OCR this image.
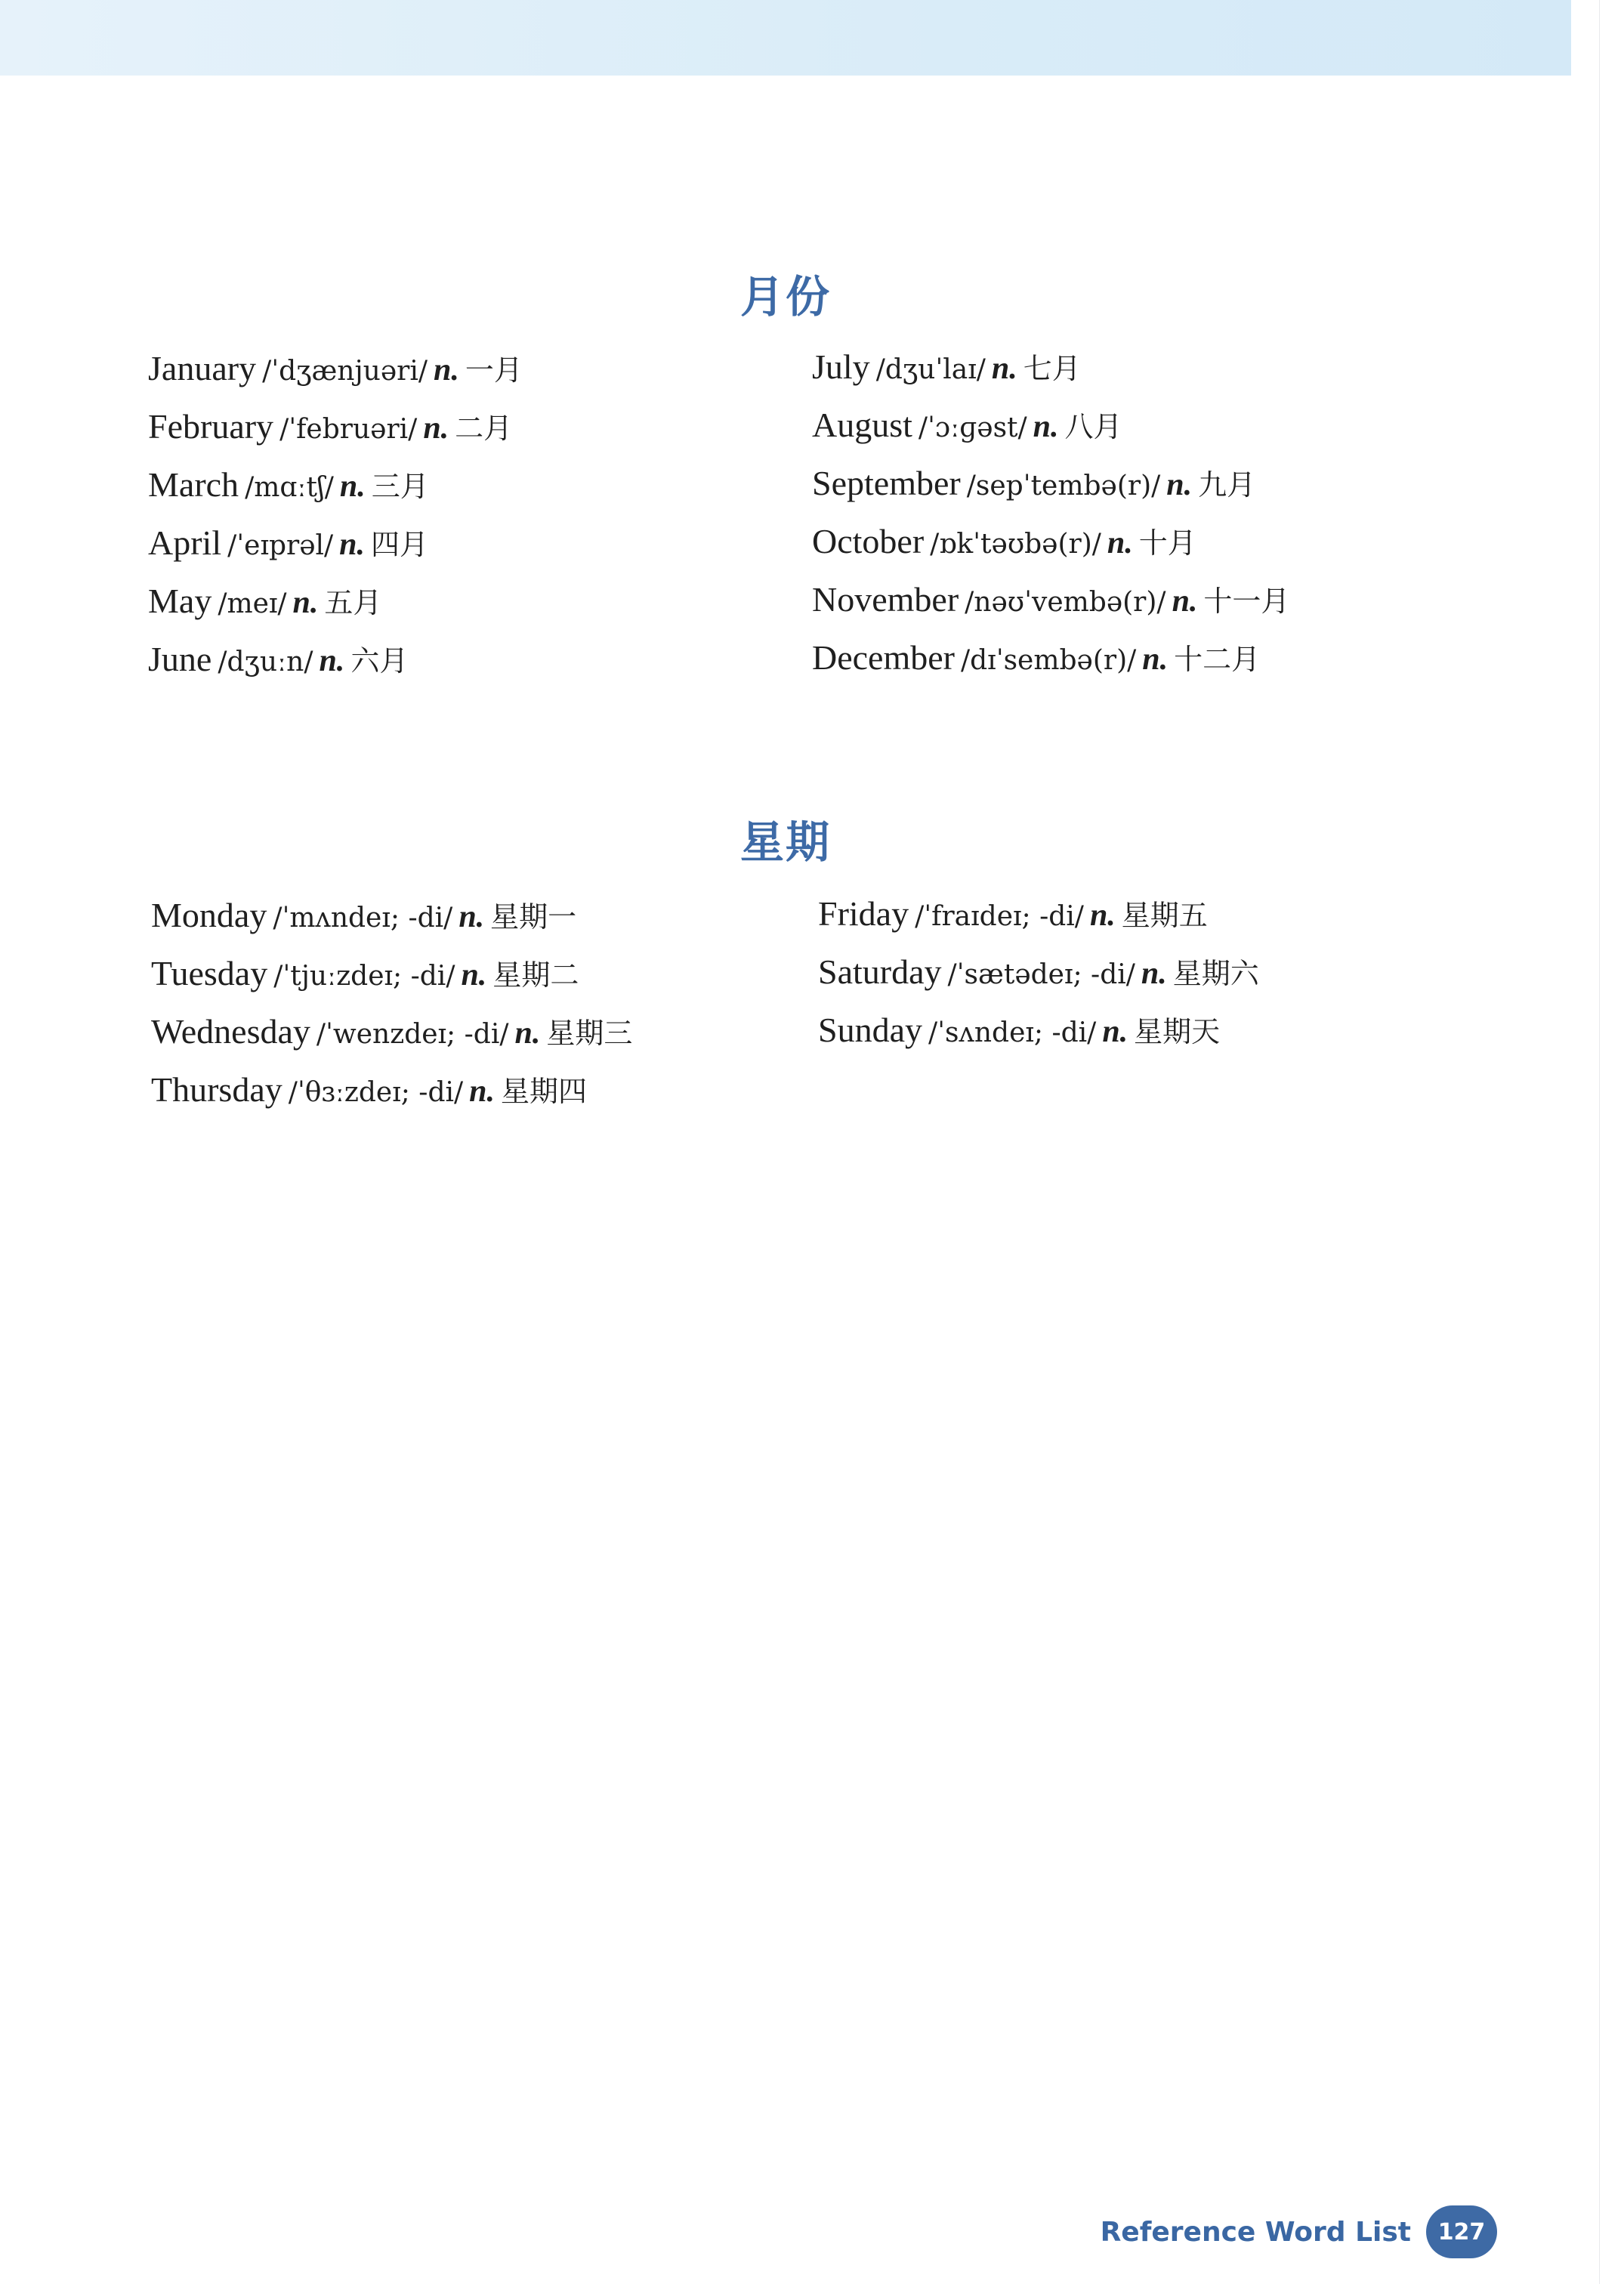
月份
January /ˈdʒænjuəri/ n. 一月
February /ˈfebruəri/ n. 二月
March /mɑːtʃ/ n. 三月
April /ˈeɪprəl/ n. 四月
May /meɪ/ n. 五月
June /dʒuːn/ n. 六月
July /dʒuˈlaɪ/ n. 七月
August /ˈɔːɡəst/ n. 八月
September /sepˈtembə(r)/ n. 九月
October /ɒkˈtəʊbə(r)/ n. 十月
November /nəʊˈvembə(r)/ n. 十一月
December /dɪˈsembə(r)/ n. 十二月
星期
Monday /ˈmʌndeɪ; -di/ n. 星期一
Tuesday /ˈtjuːzdeɪ; -di/ n. 星期二
Wednesday /ˈwenzdeɪ; -di/ n. 星期三
Thursday /ˈθɜːzdeɪ; -di/ n. 星期四
Friday /ˈfraɪdeɪ; -di/ n. 星期五
Saturday /ˈsætədeɪ; -di/ n. 星期六
Sunday /ˈsʌndeɪ; -di/ n. 星期天
Reference Word List	127
